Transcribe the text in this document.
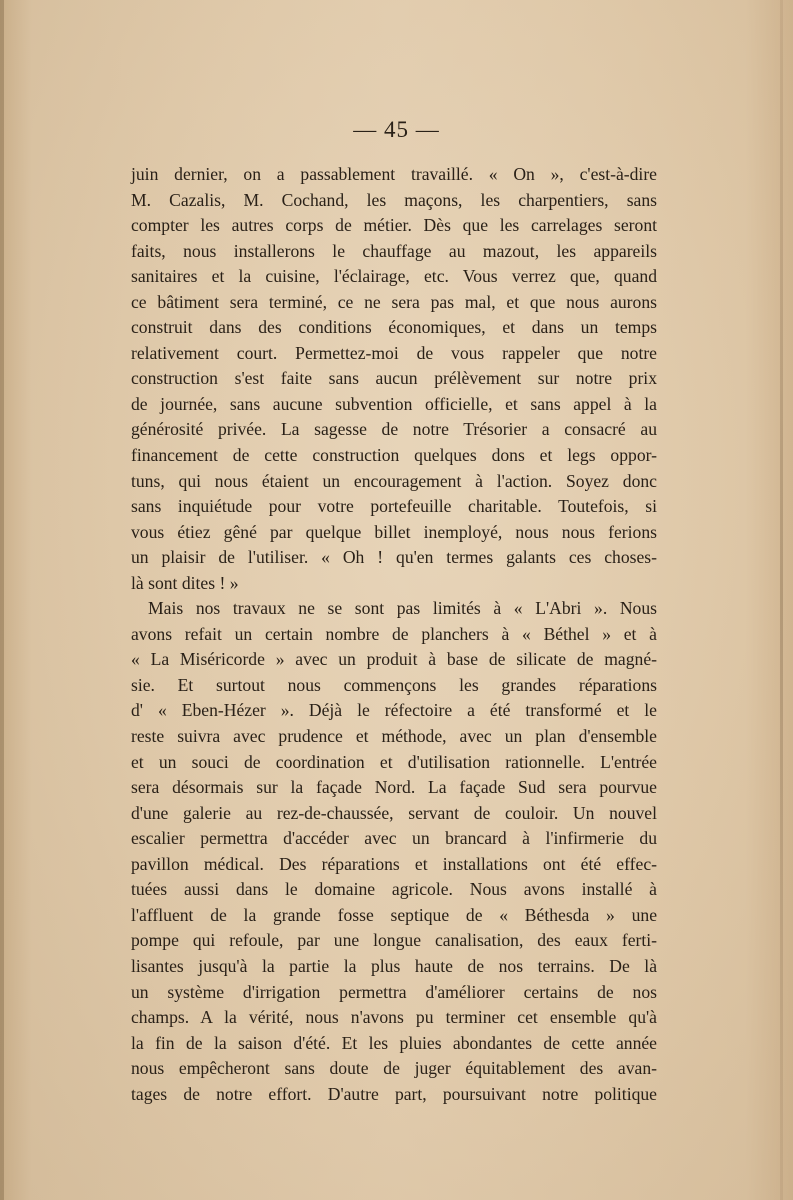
— 45 —
juin dernier, on a passablement travaillé. « On », c'est-à-dire
M. Cazalis, M. Cochand, les maçons, les charpentiers, sans
compter les autres corps de métier. Dès que les carrelages seront
faits, nous installerons le chauffage au mazout, les appareils
sanitaires et la cuisine, l'éclairage, etc. Vous verrez que, quand
ce bâtiment sera terminé, ce ne sera pas mal, et que nous aurons
construit dans des conditions économiques, et dans un temps
relativement court. Permettez-moi de vous rappeler que notre
construction s'est faite sans aucun prélèvement sur notre prix
de journée, sans aucune subvention officielle, et sans appel à la
générosité privée. La sagesse de notre Trésorier a consacré au
financement de cette construction quelques dons et legs oppor-
tuns, qui nous étaient un encouragement à l'action. Soyez donc
sans inquiétude pour votre portefeuille charitable. Toutefois, si
vous étiez gêné par quelque billet inemployé, nous nous ferions
un plaisir de l'utiliser. « Oh ! qu'en termes galants ces choses-
là sont dites ! »
Mais nos travaux ne se sont pas limités à « L'Abri ». Nous
avons refait un certain nombre de planchers à « Béthel » et à
« La Miséricorde » avec un produit à base de silicate de magné-
sie. Et surtout nous commençons les grandes réparations
d' « Eben-Hézer ». Déjà le réfectoire a été transformé et le
reste suivra avec prudence et méthode, avec un plan d'ensemble
et un souci de coordination et d'utilisation rationnelle. L'entrée
sera désormais sur la façade Nord. La façade Sud sera pourvue
d'une galerie au rez-de-chaussée, servant de couloir. Un nouvel
escalier permettra d'accéder avec un brancard à l'infirmerie du
pavillon médical. Des réparations et installations ont été effec-
tuées aussi dans le domaine agricole. Nous avons installé à
l'affluent de la grande fosse septique de « Béthesda » une
pompe qui refoule, par une longue canalisation, des eaux ferti-
lisantes jusqu'à la partie la plus haute de nos terrains. De là
un système d'irrigation permettra d'améliorer certains de nos
champs. A la vérité, nous n'avons pu terminer cet ensemble qu'à
la fin de la saison d'été. Et les pluies abondantes de cette année
nous empêcheront sans doute de juger équitablement des avan-
tages de notre effort. D'autre part, poursuivant notre politique
